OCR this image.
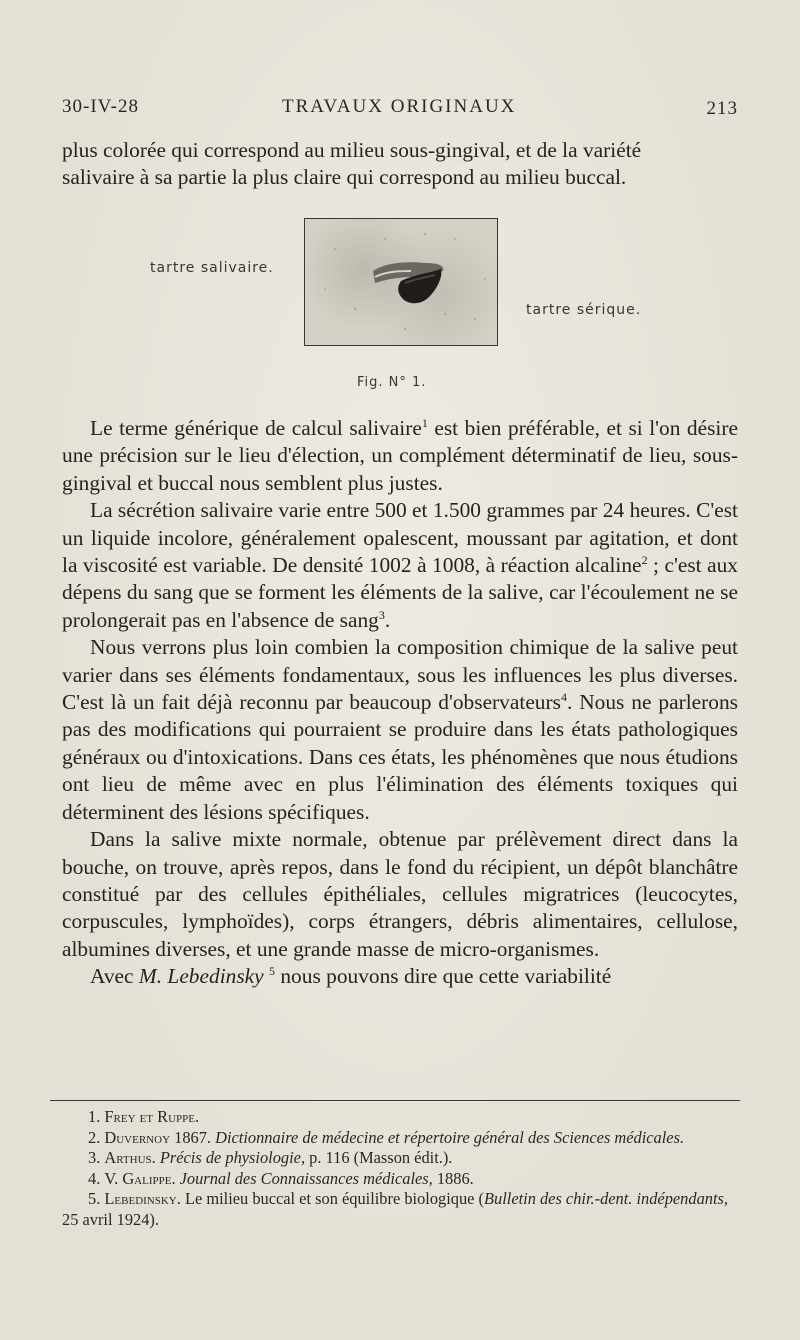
30-IV-28	TRAVAUX ORIGINAUX	213

plus colorée qui correspond au milieu sous-gingival, et de la variété

salivaire à sa partie la plus claire qui correspond au milieu buccal.

tartre salivaire.
tartre sérique.
Fig. N° 1.

Le terme générique de calcul salivaire$^1$ est bien préférable, et si l'on désire une précision sur le lieu d'élection, un complément déterminatif de lieu, sous-gingival et buccal nous semblent plus justes.

La sécrétion salivaire varie entre 500 et 1.500 grammes par 24 heures. C'est un liquide incolore, généralement opalescent, moussant par agitation, et dont la viscosité est variable. De densité 1002 à 1008, à réaction alcaline$^2$ ; c'est aux dépens du sang que se forment les éléments de la salive, car l'écoulement ne se prolongerait pas en l'absence de sang$^3$.

Nous verrons plus loin combien la composition chimique de la salive peut varier dans ses éléments fondamentaux, sous les influences les plus diverses. C'est là un fait déjà reconnu par beaucoup d'observateurs$^4$. Nous ne parlerons pas des modifications qui pourraient se produire dans les états pathologiques généraux ou d'intoxications. Dans ces états, les phénomènes que nous étudions ont lieu de même avec en plus l'élimination des éléments toxiques qui déterminent des lésions spécifiques.

Dans la salive mixte normale, obtenue par prélèvement direct dans la bouche, on trouve, après repos, dans le fond du récipient, un dépôt blanchâtre constitué par des cellules épithéliales, cellules migratrices (leucocytes, corpuscules, lymphoïdes), corps étrangers, débris alimentaires, cellulose, albumines diverses, et une grande masse de micro-organismes.

Avec M. Lebedinsky $^5$ nous pouvons dire que cette variabilité

1. Frey et Ruppe.

2. Duvernoy 1867. Dictionnaire de médecine et répertoire général des Sciences médicales.

3. Arthus. Précis de physiologie, p. 116 (Masson édit.).

4. V. Galippe. Journal des Connaissances médicales, 1886.

5. Lebedinsky. Le milieu buccal et son équilibre biologique (Bulletin des chir.-dent. indépendants, 25 avril 1924).
